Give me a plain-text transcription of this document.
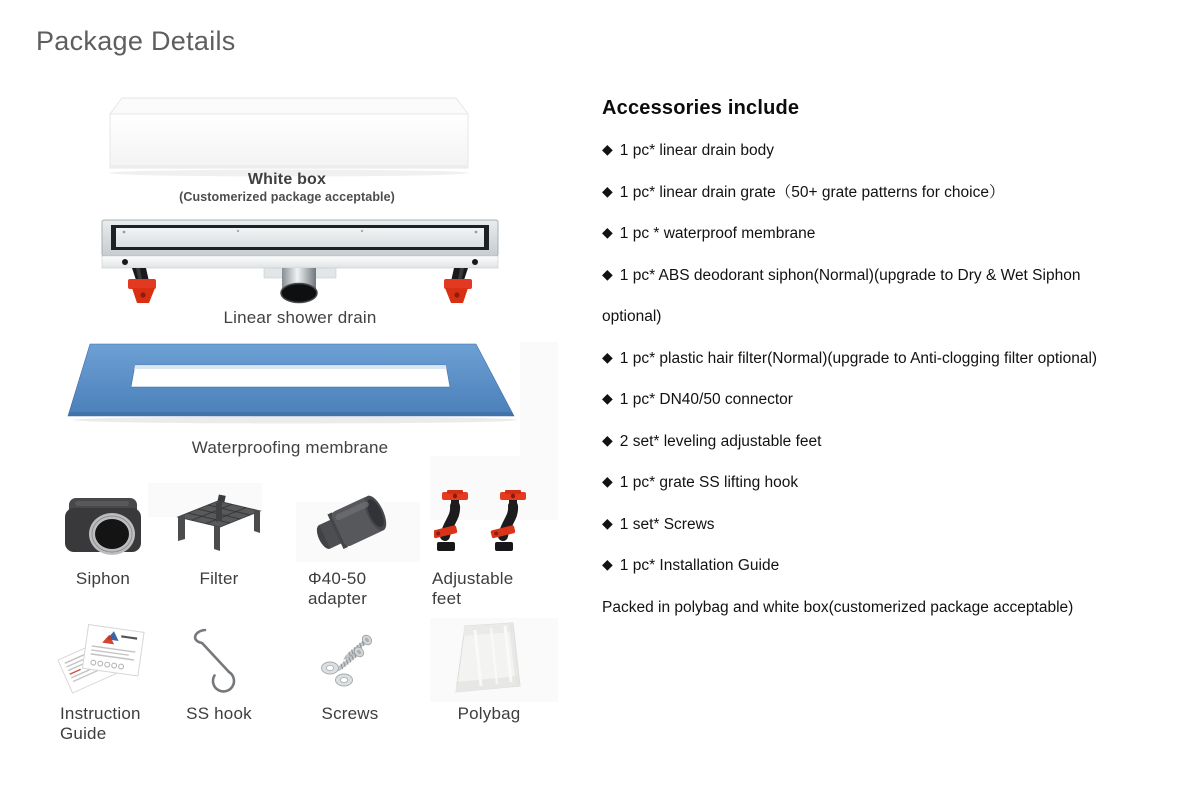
Package Details
White box
(Customerized package acceptable)
Linear shower drain
Waterproofing membrane
Siphon	Filter	Φ40-50 adapter
Adjustable feet
Instruction Guide
SS hook	Screws	Polybag
Accessories include

◆ 1 pc* linear drain body

◆ 1 pc* linear drain grate（50+ grate patterns for choice）

◆ 1 pc * waterproof membrane

◆ 1 pc* ABS deodorant siphon(Normal)(upgrade to Dry & Wet Siphon optional)

◆ 1 pc* plastic hair filter(Normal)(upgrade to Anti-clogging filter optional)

◆ 1 pc* DN40/50 connector

◆ 2 set* leveling adjustable feet

◆ 1 pc* grate SS lifting hook

◆ 1 set* Screws

◆ 1 pc* Installation Guide

Packed in polybag and white box(customerized package acceptable)
